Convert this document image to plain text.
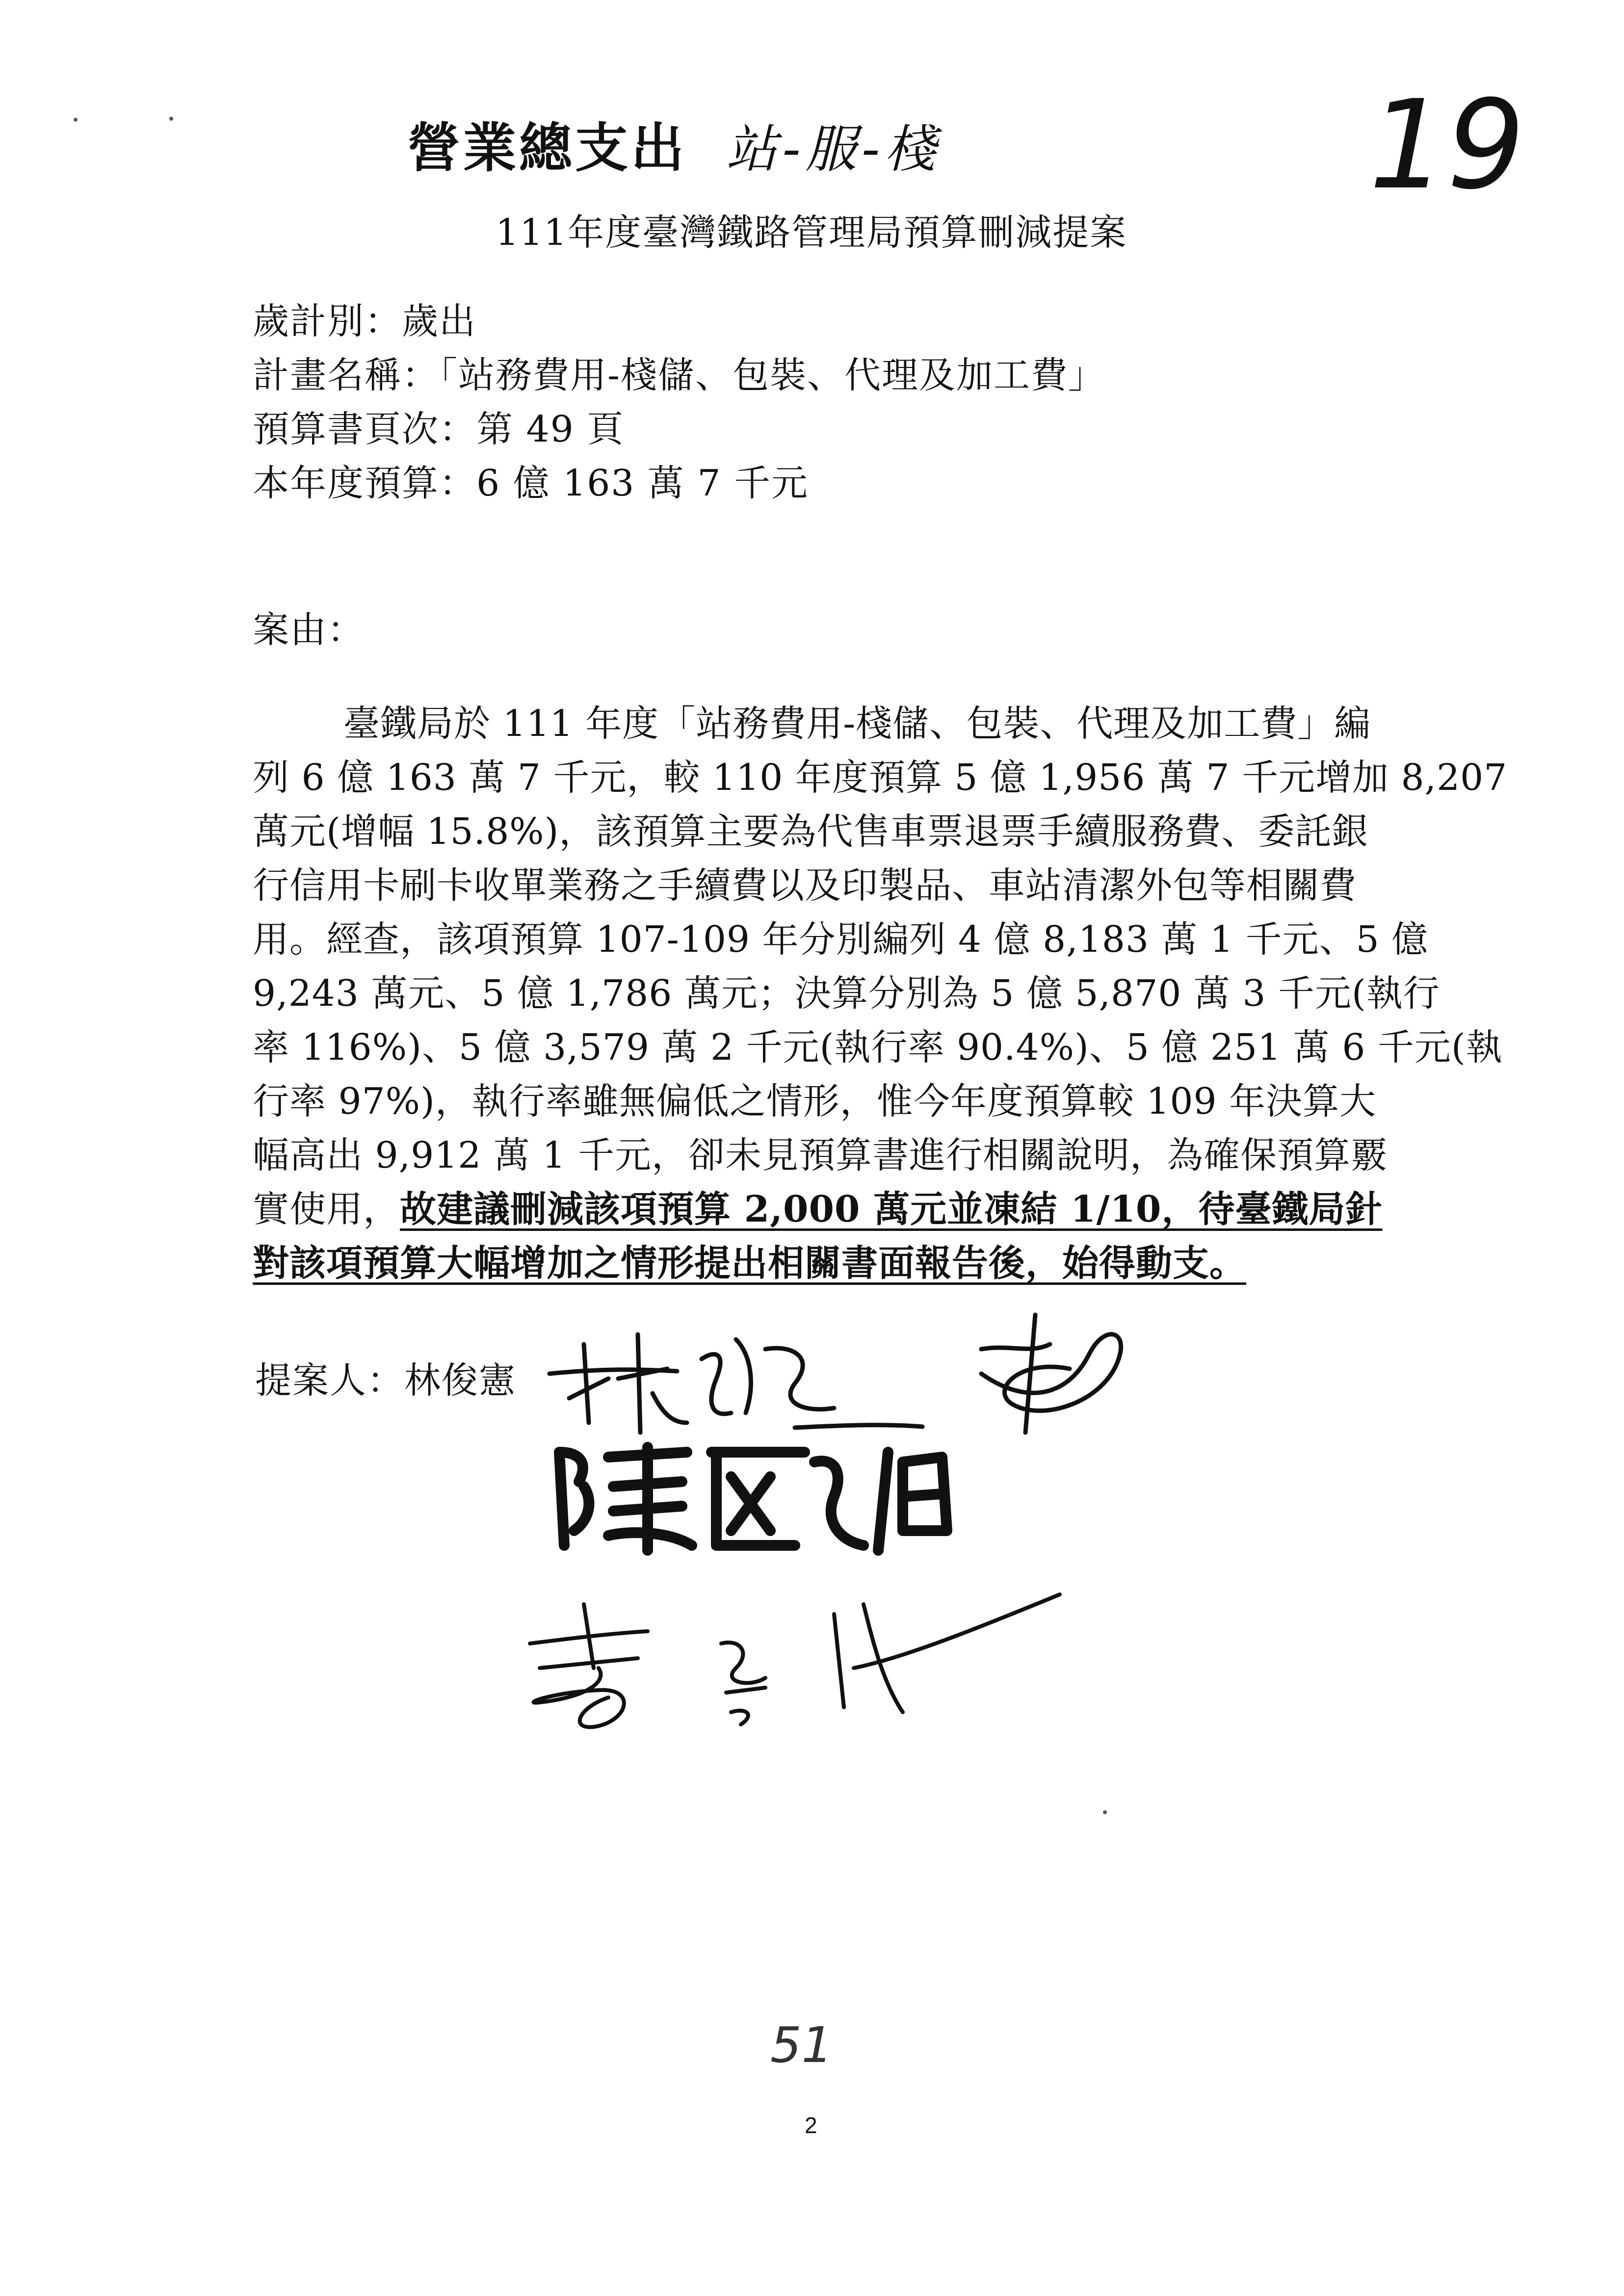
營業總支出 站-服-棧	19
111年度臺灣鐵路管理局預算刪減提案
歲計別：歲出
計畫名稱：「站務費用-棧儲、包裝、代理及加工費」
預算書頁次：第 49 頁
本年度預算：6 億 163 萬 7 千元
案由：
臺鐵局於 111 年度「站務費用-棧儲、包裝、代理及加工費」編
列 6 億 163 萬 7 千元，較 110 年度預算 5 億 1,956 萬 7 千元增加 8,207
萬元(增幅 15.8%)，該預算主要為代售車票退票手續服務費、委託銀
行信用卡刷卡收單業務之手續費以及印製品、車站清潔外包等相關費
用。經查，該項預算 107-109 年分別編列 4 億 8,183 萬 1 千元、5 億
9,243 萬元、5 億 1,786 萬元；決算分別為 5 億 5,870 萬 3 千元(執行
率 116%)、5 億 3,579 萬 2 千元(執行率 90.4%)、5 億 251 萬 6 千元(執
行率 97%)，執行率雖無偏低之情形，惟今年度預算較 109 年決算大
幅高出 9,912 萬 1 千元，卻未見預算書進行相關說明，為確保預算覈
實使用，故建議刪減該項預算 2,000 萬元並凍結 1/10，待臺鐵局針
對該項預算大幅增加之情形提出相關書面報告後，始得動支。
提案人：林俊憲
51
2
